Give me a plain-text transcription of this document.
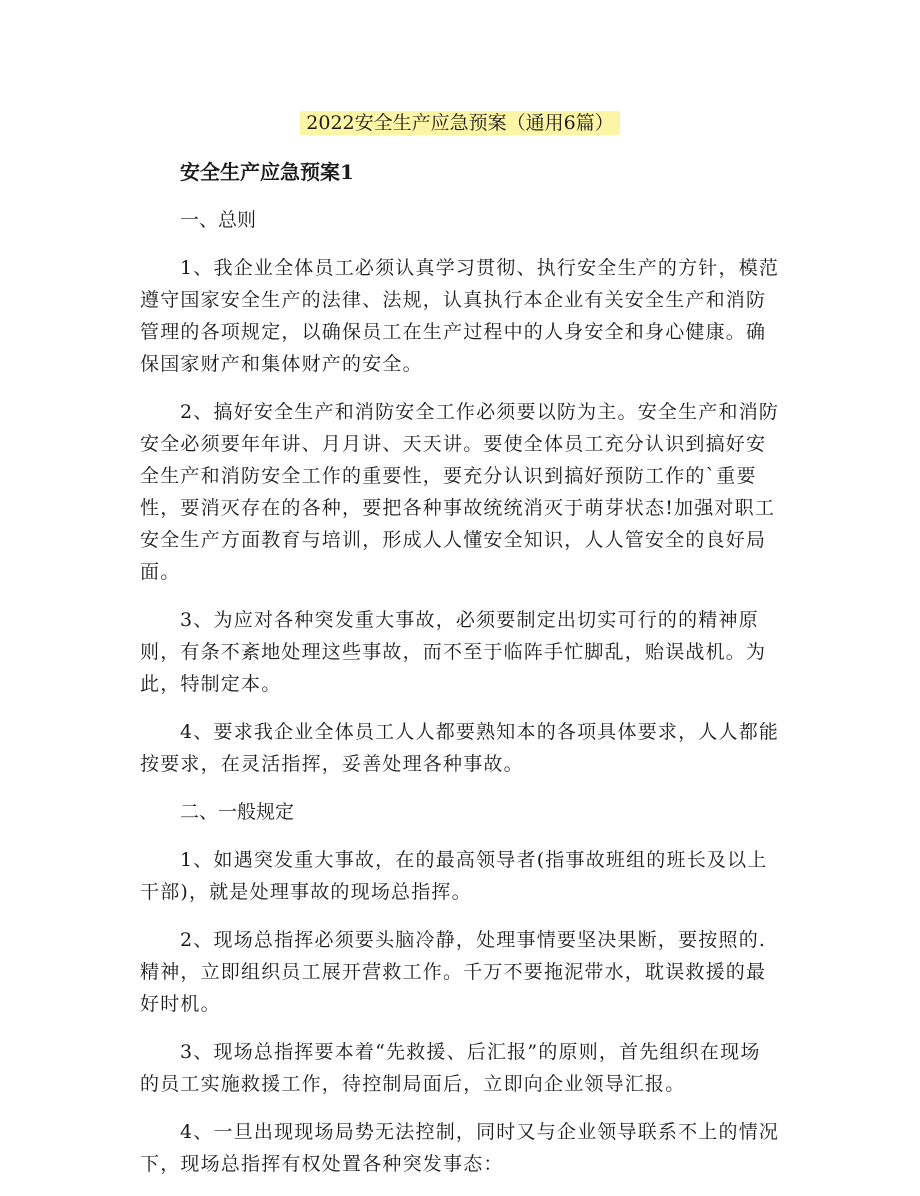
2022安全生产应急预案（通用6篇）
安全生产应急预案1
一、总则

1、我企业全体员工必须认真学习贯彻、执行安全生产的方针，模范遵守国家安全生产的法律、法规，认真执行本企业有关安全生产和消防管理的各项规定，以确保员工在生产过程中的人身安全和身心健康。确保国家财产和集体财产的安全。

2、搞好安全生产和消防安全工作必须要以防为主。安全生产和消防安全必须要年年讲、月月讲、天天讲。要使全体员工充分认识到搞好安全生产和消防安全工作的重要性，要充分认识到搞好预防工作的`重要性，要消灭存在的各种，要把各种事故统统消灭于萌芽状态!加强对职工安全生产方面教育与培训，形成人人懂安全知识，人人管安全的良好局面。

3、为应对各种突发重大事故，必须要制定出切实可行的的精神原则，有条不紊地处理这些事故，而不至于临阵手忙脚乱，贻误战机。为此，特制定本。

4、要求我企业全体员工人人都要熟知本的各项具体要求，人人都能按要求，在灵活指挥，妥善处理各种事故。

二、一般规定

1、如遇突发重大事故，在的最高领导者(指事故班组的班长及以上干部)，就是处理事故的现场总指挥。

2、现场总指挥必须要头脑冷静，处理事情要坚决果断，要按照的.精神，立即组织员工展开营救工作。千万不要拖泥带水，耽误救援的最好时机。

3、现场总指挥要本着“先救援、后汇报”的原则，首先组织在现场的员工实施救援工作，待控制局面后，立即向企业领导汇报。

4、一旦出现现场局势无法控制，同时又与企业领导联系不上的情况下，现场总指挥有权处置各种突发事态：
